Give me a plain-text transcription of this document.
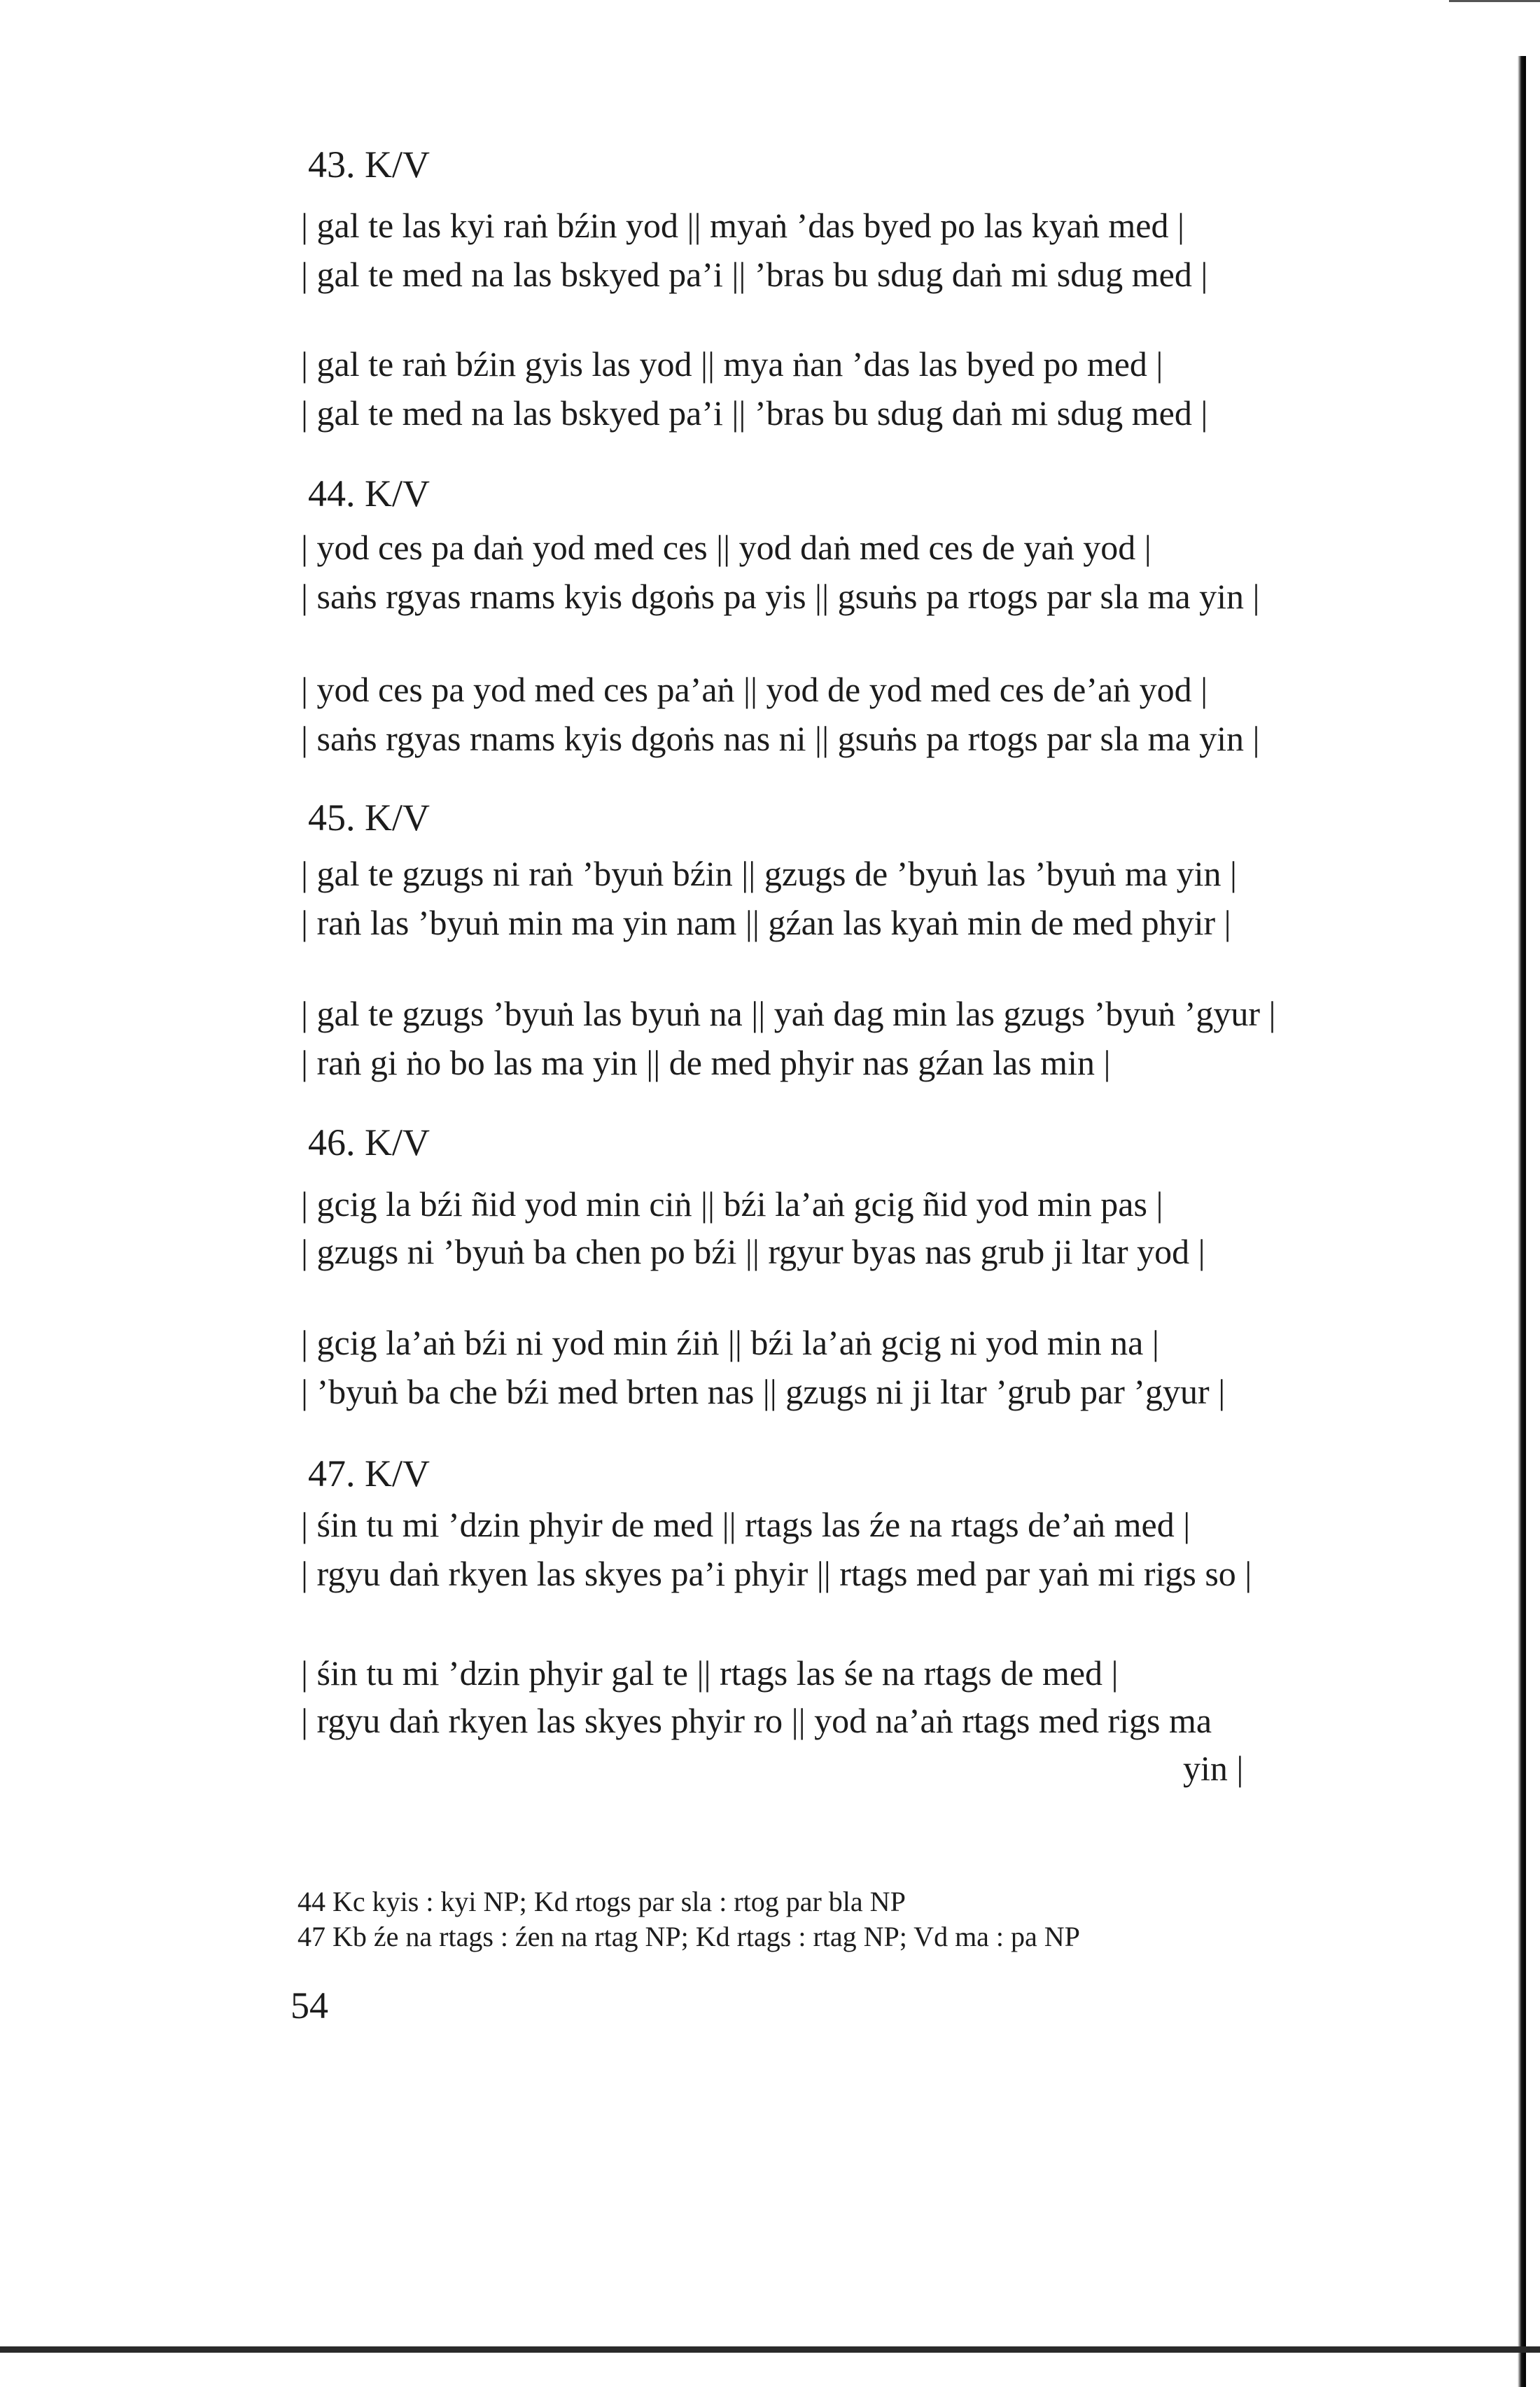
43. K/V
| gal te las kyi raṅ bźin yod || myaṅ ’das byed po las kyaṅ med |
| gal te med na las bskyed pa’i || ’bras bu sdug daṅ mi sdug med |
| gal te raṅ bźin gyis las yod || mya ṅan ’das las byed po med |
| gal te med na las bskyed pa’i || ’bras bu sdug daṅ mi sdug med |
44. K/V
| yod ces pa daṅ yod med ces || yod daṅ med ces de yaṅ yod |
| saṅs rgyas rnams kyis dgoṅs pa yis || gsuṅs pa rtogs par sla ma yin |
| yod ces pa yod med ces pa’aṅ || yod de yod med ces de’aṅ yod |
| saṅs rgyas rnams kyis dgoṅs nas ni || gsuṅs pa rtogs par sla ma yin |
45. K/V
| gal te gzugs ni raṅ ’byuṅ bźin || gzugs de ’byuṅ las ’byuṅ ma yin |
| raṅ las ’byuṅ min ma yin nam || gźan las kyaṅ min de med phyir |
| gal te gzugs ’byuṅ las byuṅ na || yaṅ dag min las gzugs ’byuṅ ’gyur |
| raṅ gi ṅo bo las ma yin || de med phyir nas gźan las min |
46. K/V
| gcig la bźi ñid yod min ciṅ || bźi la’aṅ gcig ñid yod min pas |
| gzugs ni ’byuṅ ba chen po bźi || rgyur byas nas grub ji ltar yod |
| gcig la’aṅ bźi ni yod min źiṅ || bźi la’aṅ gcig ni yod min na |
| ’byuṅ ba che bźi med brten nas || gzugs ni ji ltar ’grub par ’gyur |
47. K/V
| śin tu mi ’dzin phyir de med || rtags las źe na rtags de’aṅ med |
| rgyu daṅ rkyen las skyes pa’i phyir || rtags med par yaṅ mi rigs so |
| śin tu mi ’dzin phyir gal te || rtags las śe na rtags de med |
| rgyu daṅ rkyen las skyes phyir ro || yod na’aṅ rtags med rigs ma
yin |
44 Kc kyis : kyi NP; Kd rtogs par sla : rtog par bla NP
47 Kb źe na rtags : źen na rtag NP; Kd rtags : rtag NP; Vd ma : pa NP
54
